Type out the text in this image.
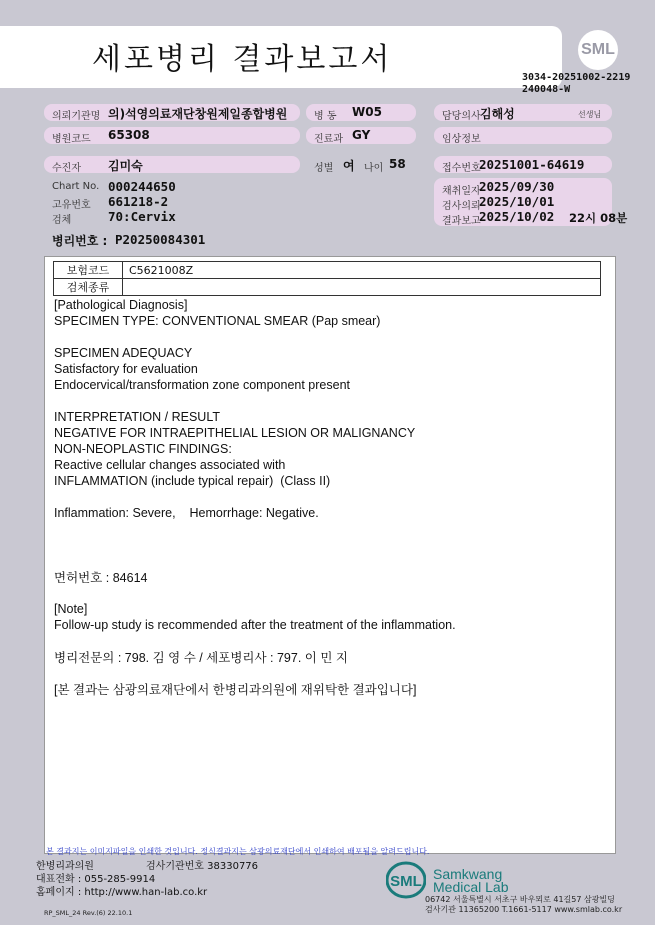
세포병리 결과보고서	SML
3034-20251002-2219
240048-W
의뢰기관명 의)석영의료재단창원제일종합병원	병 동 W05	담당의사 김해성	선생님
병원코드 65308	진료과 GY	임상정보
수진자 김미숙	성별 여 나이 58	접수번호
20251001-64619
Chart No. 000244650
고유번호 661218-2
검체	70:Cervix
채취일자
2025/09/30
검사의뢰
2025/10/01
결과보고
2025/10/02 22시 08분
병리번호 : P20250084301
보험코드	C5621008Z
검체종류	
[Pathological Diagnosis]
SPECIMEN TYPE: CONVENTIONAL SMEAR (Pap smear)
SPECIMEN ADEQUACY
Satisfactory for evaluation
Endocervical/transformation zone component present
INTERPRETATION / RESULT
NEGATIVE FOR INTRAEPITHELIAL LESION OR MALIGNANCY
NON-NEOPLASTIC FINDINGS:
Reactive cellular changes associated with
INFLAMMATION (include typical repair)  (Class II)
Inflammation: Severe,    Hemorrhage: Negative.
면허번호 : 84614
[Note]
Follow-up study is recommended after the treatment of the inflammation.
병리전문의 : 798. 김 영 수 / 세포병리사 : 797. 이 민 지
[본 결과는 삼광의료재단에서 한병리과의원에 재위탁한 결과입니다]
본 결과지는 이미지파일을 인쇄한 것입니다. 정식결과지는 삼광의료재단에서 인쇄하여 배포됨을 알려드립니다.
한병리과의원	검사기관번호 38330776
대표전화 : 055-285-9914
홈페이지 : http://www.han-lab.co.kr
RP_SML_24 Rev.(6) 22.10.1
SML Samkwang
Medical Lab
06742 서울특별시 서초구 바우뫼로 41길57 삼광빌딩
검사기관 11365200 T.1661-5117 www.smlab.co.kr
